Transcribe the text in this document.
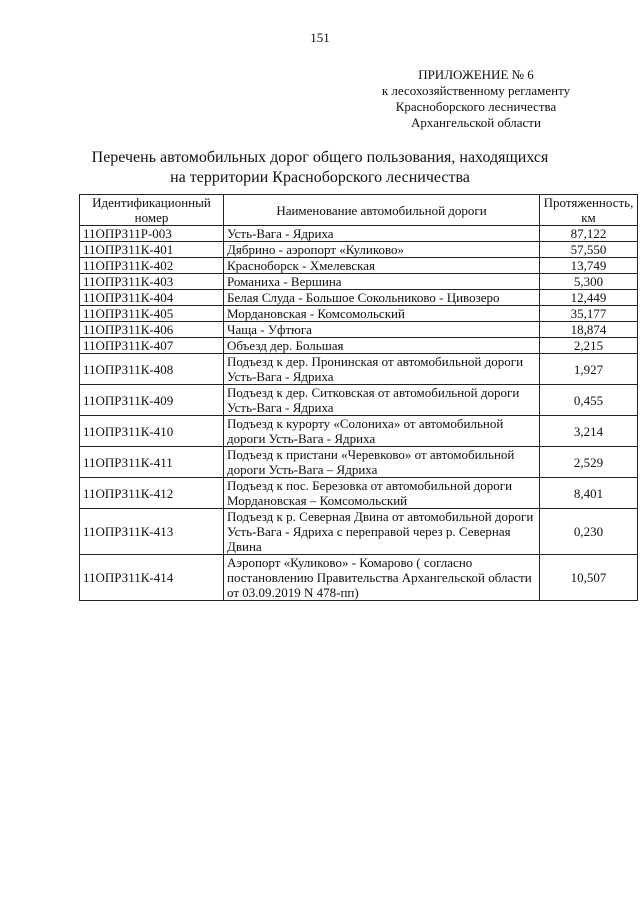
151
ПРИЛОЖЕНИЕ № 6
к лесохозяйственному регламенту
Красноборского лесничества
Архангельской области
Перечень автомобильных дорог общего пользования, находящихся
на территории Красноборского лесничества
Идентификационный номер	Наименование автомобильной дороги	Протяженность, км
11ОПРЗ11Р-003	Усть-Вага - Ядриха	87,122
11ОПРЗ11К-401	Дябрино - аэропорт «Куликово»	57,550
11ОПРЗ11К-402	Красноборск - Хмелевская	13,749
11ОПРЗ11К-403	Романиха - Вершина	5,300
11ОПРЗ11К-404	Белая Слуда - Большое Сокольниково - Цивозеро	12,449
11ОПРЗ11К-405	Мордановская - Комсомольский	35,177
11ОПРЗ11К-406	Чаща - Уфтюга	18,874
11ОПРЗ11К-407	Объезд дер. Большая	2,215
11ОПРЗ11К-408	Подъезд к дер. Пронинская от автомобильной дороги Усть-Вага - Ядриха	1,927
11ОПРЗ11К-409	Подъезд к дер. Ситковская от автомобильной дороги Усть-Вага - Ядриха	0,455
11ОПРЗ11К-410	Подъезд к курорту «Солониха» от автомобильной дороги Усть-Вага - Ядриха	3,214
11ОПРЗ11К-411	Подъезд к пристани «Черевково» от автомобильной дороги Усть-Вага – Ядриха	2,529
11ОПРЗ11К-412	Подъезд к пос. Березовка от автомобильной дороги Мордановская – Комсомольский	8,401
11ОПРЗ11К-413	Подъезд к р. Северная Двина от автомобильной дороги Усть-Вага - Ядриха с переправой через р. Северная Двина	0,230
11ОПРЗ11К-414	Аэропорт «Куликово» - Комарово ( согласно постановлению Правительства Архангельской области от 03.09.2019 N 478-пп)	10,507
